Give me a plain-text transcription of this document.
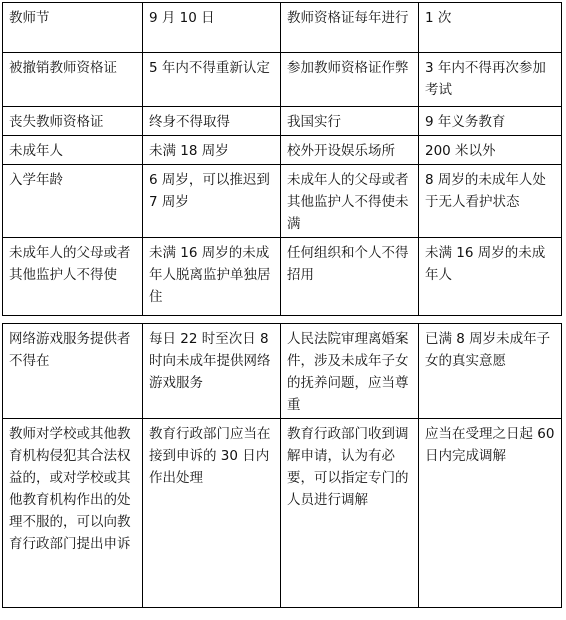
教师节	9 月 10 日	教师资格证每年进行	1 次
被撤销教师资格证	5 年内不得重新认定	参加教师资格证作弊	3 年内不得再次参加考试
丧失教师资格证	终身不得取得	我国实行	9 年义务教育
未成年人	未满 18 周岁	校外开设娱乐场所	200 米以外
入学年龄	6 周岁，可以推迟到 7 周岁	未成年人的父母或者其他监护人不得使未满	8 周岁的未成年人处于无人看护状态
未成年人的父母或者其他监护人不得使	未满 16 周岁的未成年人脱离监护单独居住	任何组织和个人不得招用	未满 16 周岁的未成年人
网络游戏服务提供者不得在	每日 22 时至次日 8 时向未成年提供网络游戏服务	人民法院审理离婚案件，涉及未成年子女的抚养问题，应当尊重	已满 8 周岁未成年子女的真实意愿
教师对学校或其他教育机构侵犯其合法权益的，或对学校或其他教育机构作出的处理不服的，可以向教育行政部门提出申诉	教育行政部门应当在接到申诉的 30 日内作出处理	教育行政部门收到调解申请，认为有必要，可以指定专门的人员进行调解	应当在受理之日起 60 日内完成调解
